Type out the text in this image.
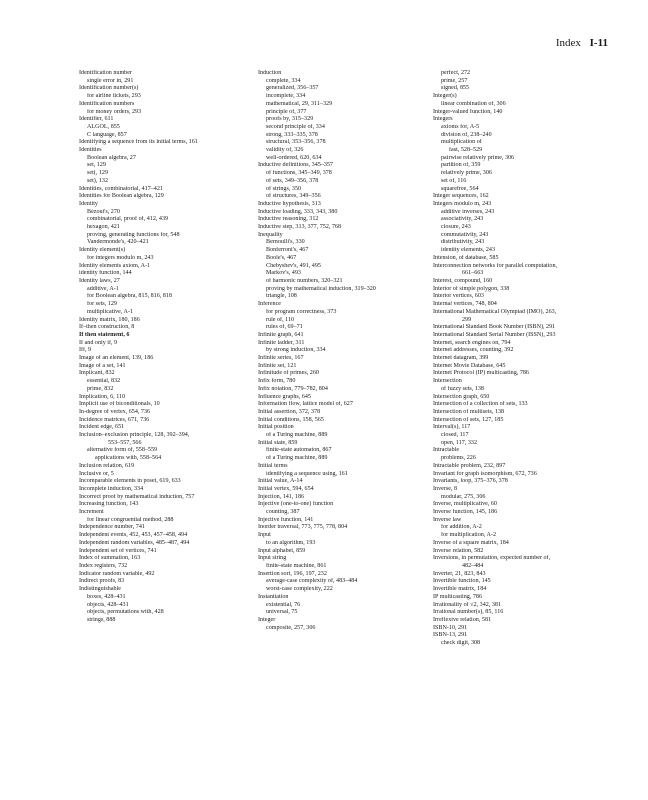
Index I-11
Identification number
single error in, 291
Identification number(s)
for airline tickets, 293
Identification numbers
for money orders, 293
Identifier, 611
ALGOL, 855
C language, 857
Identifying a sequence from its initial terms, 161
Identities
Boolean algebra, 27
set, 129
set(, 129
set), 132
Identities, combinatorial, 417–421
Identities for Boolean algebra, 129
Identity
Bézout's, 270
combinatorial, proof of, 412, 439
hexagon, 421
proving, generating functions for, 548
Vandermonde's, 420–421
Identity element(s)
for integers modulo m, 243
Identity elements axiom, A-1
identity function, 144
Identity laws, 27
additive, A-1
for Boolean algebra, 815, 816, 818
for sets, 129
multiplicative, A-1
Identity matrix, 180, 186
If–then construction, 8
If then statement, 6
If and only if, 9
Iff, 9
Image of an element, 139, 186
Image of a set, 141
Implicant, 832
essential, 832
prime, 832
Implication, 6, 110
Implicit use of biconditionals, 10
In-degree of vertex, 654, 736
Incidence matrices, 671, 736
Incident edge, 651
Inclusion–exclusion principle, 128, 392–394,
553–557, 566
alternative form of, 558–559
applications with, 558–564
Inclusion relation, 619
Inclusive or, 5
Incomparable elements in poset, 619, 633
Incomplete induction, 334
Incorrect proof by mathematical induction, 757
Increasing function, 143
Increment
for linear congruential method, 288
Independence number, 741
Independent events, 452, 453, 457–458, 494
Independent random variables, 485–487, 494
Independent set of vertices, 741
Index of summation, 163
Index registers, 732
Indicator random variable, 492
Indirect proofs, 83
Indistinguishable
boxes, 428–431
objects, 428–431
objects, permutations with, 428
strings, 888
Induction
complete, 334
generalized, 356–357
incomplete, 334
mathematical, 29, 311–329
principle of, 377
proofs by, 315–329
second principle of, 334
strong, 333–335, 378
structural, 353–356, 378
validity of, 326
well-ordered, 620, 634
Inductive definitions, 345–357
of functions, 345–349, 378
of sets, 349–356, 378
of strings, 350
of structures, 349–356
Inductive hypothesis, 313
Inductive loading, 333, 343, 380
Inductive reasoning, 312
Inductive step, 313, 377, 752, 768
Inequality
Bernoulli's, 330
Bonferroni's, 467
Boole's, 467
Chebyshev's, 491, 495
Markov's, 493
of harmonic numbers, 320–321
proving by mathematical induction, 319–320
triangle, 108
Inference
for program correctness, 373
rule of, 110
rules of, 69–71
Infinite graph, 641
Infinite ladder, 311
by strong induction, 334
Infinite series, 167
Infinite set, 121
Infinitude of primes, 260
Infix form, 780
Infix notation, 779–782, 804
Influence graphs, 645
Information flow, lattice model of, 627
Initial assertion, 372, 378
Initial conditions, 158, 565
Initial position
of a Turing machine, 889
Initial state, 859
finite-state automaton, 867
of a Turing machine, 889
Initial terms
identifying a sequence using, 161
Initial value, A-14
Initial vertex, 594, 654
Injection, 141, 186
Injective (one-to-one) function
counting, 387
Injective function, 141
Inorder traversal, 773, 775, 778, 804
Input
to an algorithm, 193
Input alphabet, 859
Input string
finite-state machine, 861
Insertion sort, 196, 197, 232
average-case complexity of, 483–484
worst-case complexity, 222
Instantiation
existential, 76
universal, 75
Integer
composite, 257, 306
perfect, 272
prime, 257
signed, 855
Integer(s)
linear combination of, 306
Integer-valued function, 140
Integers
axioms for, A-5
division of, 238–240
multiplication of
fast, 528–529
pairwise relatively prime, 306
partition of, 359
relatively prime, 306
set of, 116
squarefree, 564
Integer sequences, 162
Integers modulo m, 243
additive inverses, 243
associativity, 243
closure, 243
commutativity, 243
distributivity, 243
identity elements, 243
Intension, of database, 585
Interconnection networks for parallel computation,
661–663
Interest, compound, 160
Interior of simple polygon, 338
Interior vertices, 603
Internal vertices, 748, 804
International Mathematical Olympiad (IMO), 263,
299
International Standard Book Number (ISBN), 291
International Standard Serial Number (ISSN), 293
Internet, search engines on, 794
Internet addresses, counting, 392
Internet datagram, 399
Internet Movie Database, 645
Internet Protocol (IP) multicasting, 786
Intersection
of fuzzy sets, 138
Intersection graph, 650
Intersection of a collection of sets, 133
Intersection of multisets, 138
Intersection of sets, 127, 185
Interval(s), 117
closed, 117
open, 117, 332
Intractable
problems, 226
Intractable problem, 232, 897
Invariant for graph isomorphism, 672, 736
Invariants, loop, 375–376, 378
Inverse, 8
modular, 275, 306
Inverse, multiplicative, 60
Inverse function, 145, 186
Inverse law
for addition, A-2
for multiplication, A-2
Inverse of a square matrix, 184
Inverse relation, 582
Inversions, in permutation, expected number of,
482–484
Inverter, 21, 823, 843
Invertible function, 145
Invertible matrix, 184
IP multicasting, 786
Irrationality of √2, 342, 381
Irrational number(s), 85, 116
Irreflexive relation, 581
ISBN-10, 291
ISBN-13, 291
check digit, 308
